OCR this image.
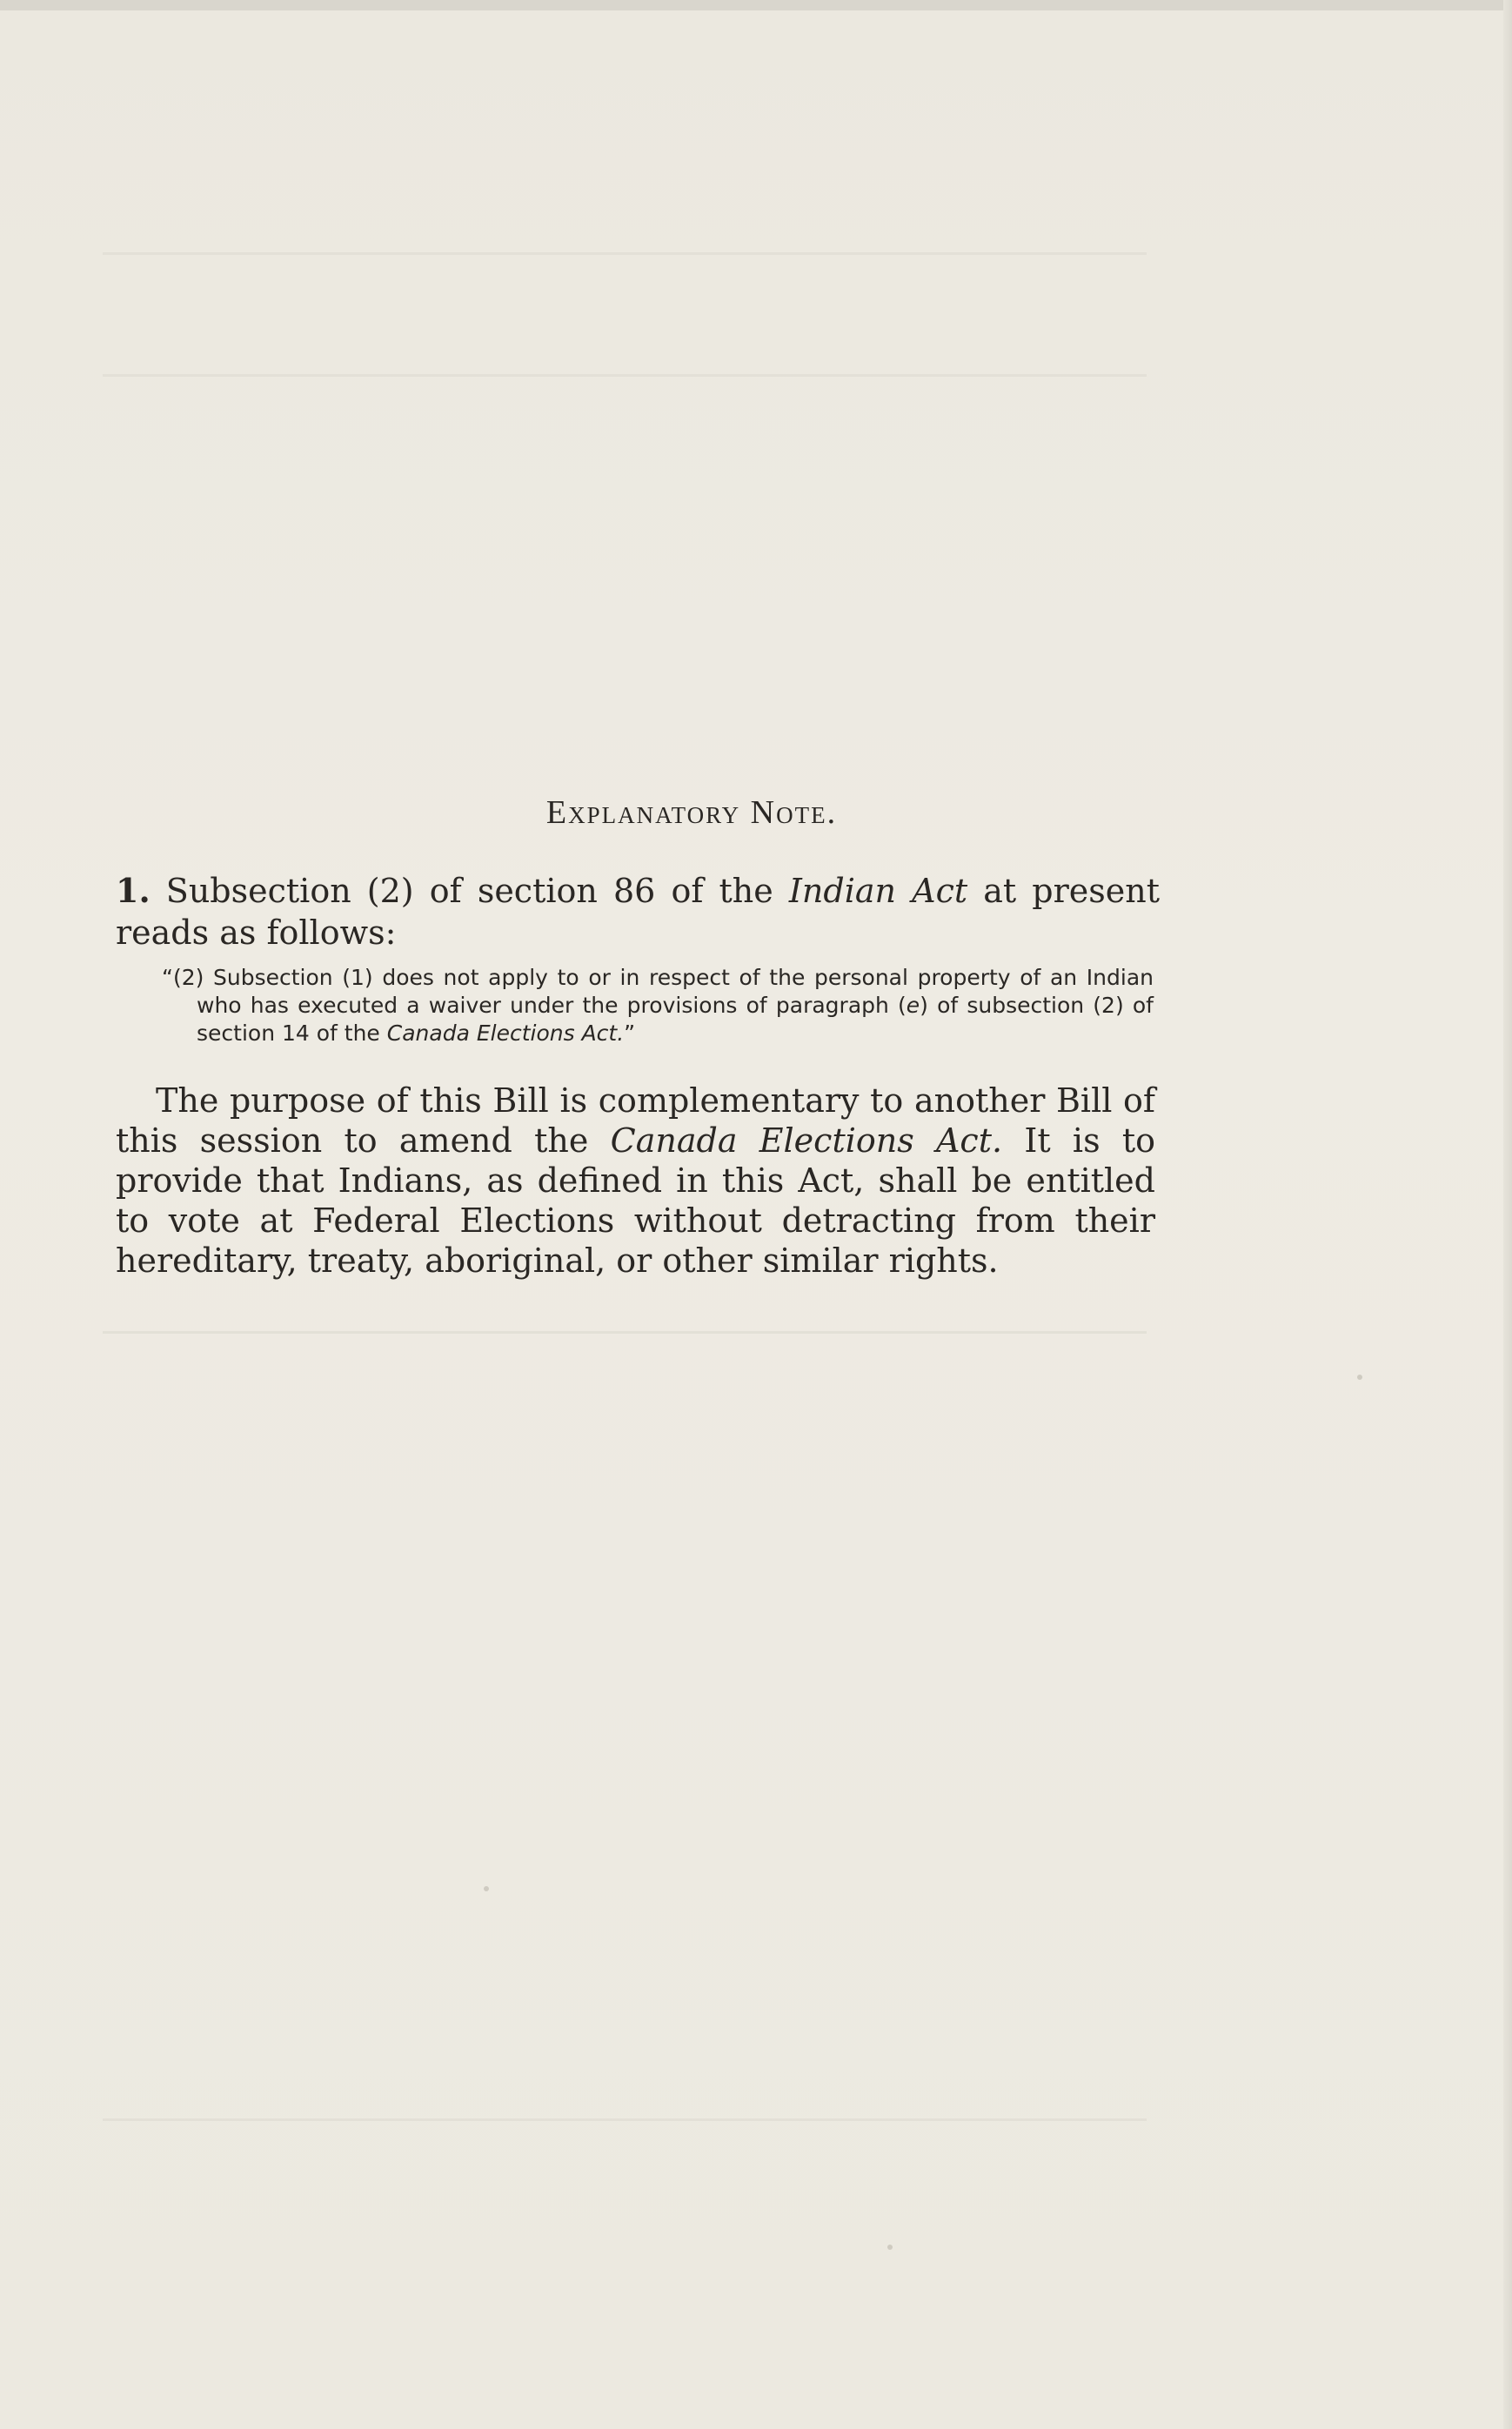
Explanatory Note.
1. Subsection (2) of section 86 of the Indian Act at present reads as follows:
“(2) Subsection (1) does not apply to or in respect of the personal property of an Indian who has executed a waiver under the provisions of paragraph (e) of subsection (2) of section 14 of the Canada Elections Act.”
The purpose of this Bill is complementary to another Bill of this session to amend the Canada Elections Act. It is to provide that Indians, as defined in this Act, shall be entitled to vote at Federal Elections without detracting from their hereditary, treaty, aboriginal, or other similar rights.
